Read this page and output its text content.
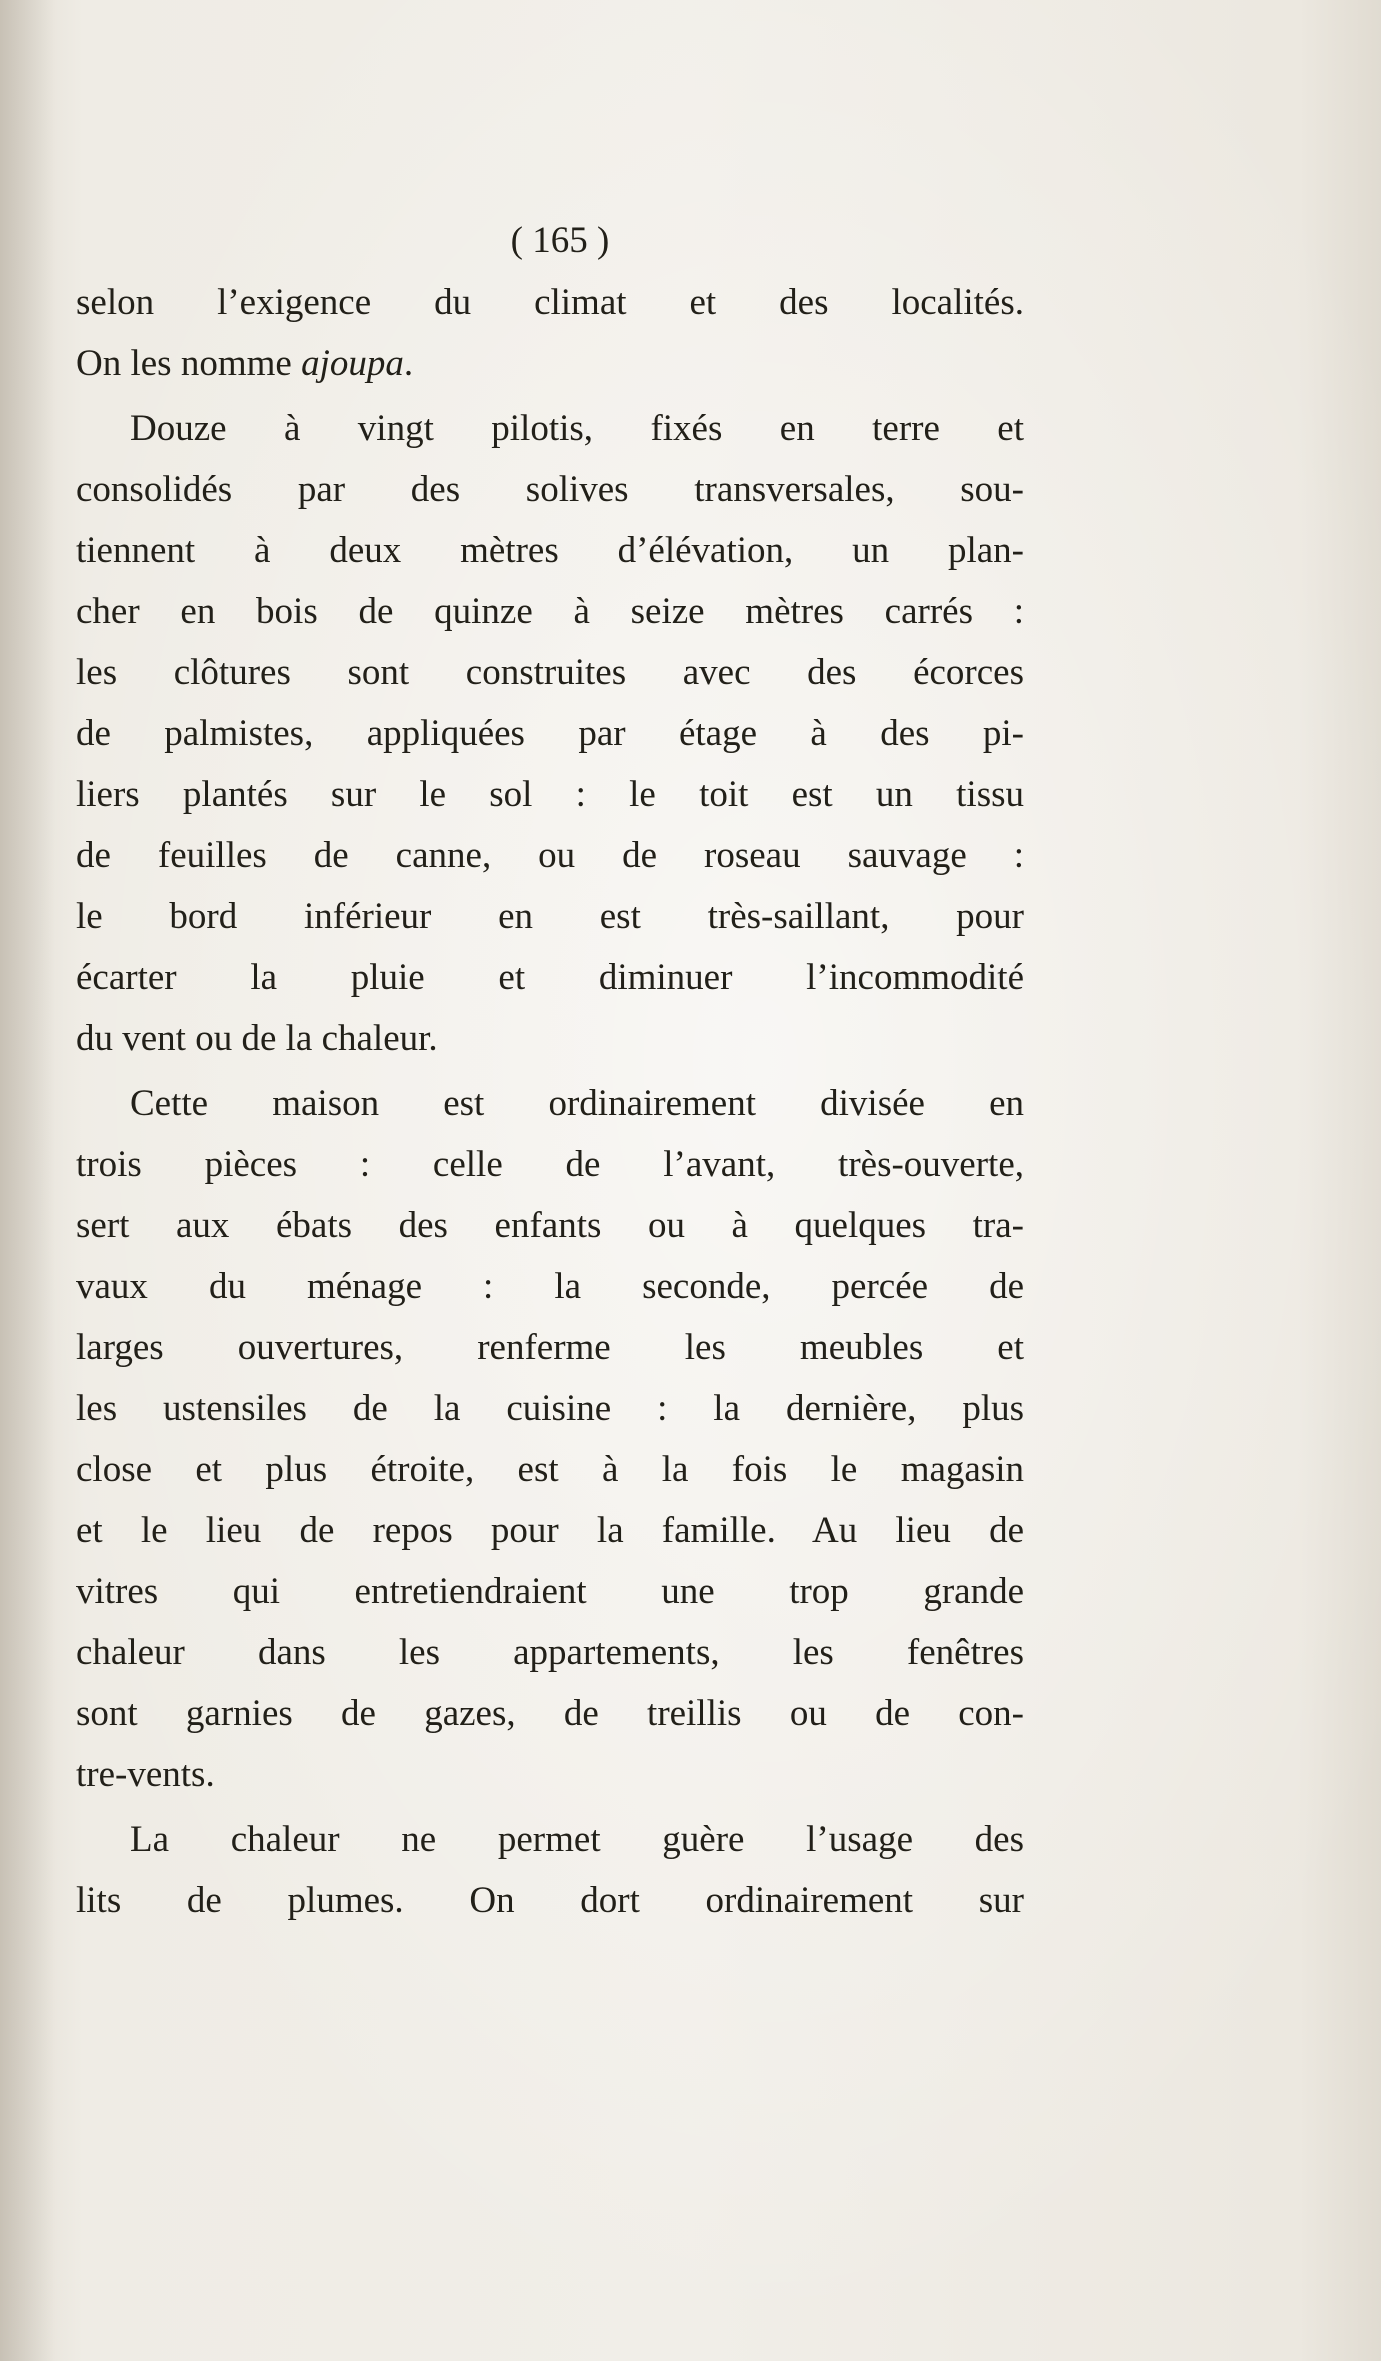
( 165 )
selon l’exigence du climat et des localités.
On les nomme ajoupa.
Douze à vingt pilotis, fixés en terre et
consolidés par des solives transversales, sou-
tiennent à deux mètres d’élévation, un plan-
cher en bois de quinze à seize mètres carrés :
les clôtures sont construites avec des écorces
de palmistes, appliquées par étage à des pi-
liers plantés sur le sol : le toit est un tissu
de feuilles de canne, ou de roseau sauvage :
le bord inférieur en est très-saillant, pour
écarter la pluie et diminuer l’incommodité
du vent ou de la chaleur.
Cette maison est ordinairement divisée en
trois pièces : celle de l’avant, très-ouverte,
sert aux ébats des enfants ou à quelques tra-
vaux du ménage : la seconde, percée de
larges ouvertures, renferme les meubles et
les ustensiles de la cuisine : la dernière, plus
close et plus étroite, est à la fois le magasin
et le lieu de repos pour la famille. Au lieu de
vitres qui entretiendraient une trop grande
chaleur dans les appartements, les fenêtres
sont garnies de gazes, de treillis ou de con-
tre-vents.
La chaleur ne permet guère l’usage des
lits de plumes. On dort ordinairement sur
